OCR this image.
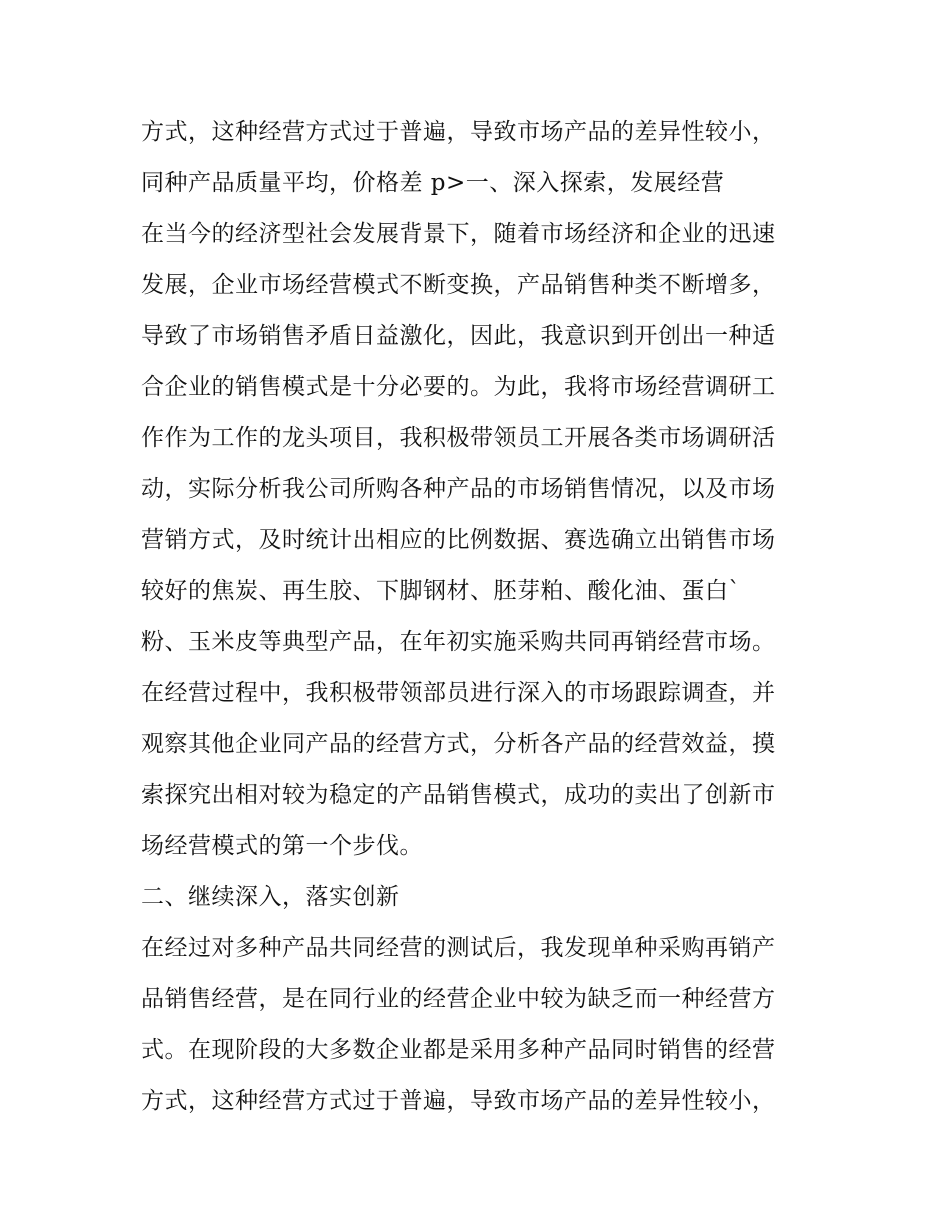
方式，这种经营方式过于普遍，导致市场产品的差异性较小，
同种产品质量平均，价格差 p>一、深入探索，发展经营
在当今的经济型社会发展背景下，随着市场经济和企业的迅速
发展，企业市场经营模式不断变换，产品销售种类不断增多，
导致了市场销售矛盾日益激化，因此，我意识到开创出一种适
合企业的销售模式是十分必要的。为此，我将市场经营调研工
作作为工作的龙头项目，我积极带领员工开展各类市场调研活
动，实际分析我公司所购各种产品的市场销售情况，以及市场
营销方式，及时统计出相应的比例数据、赛选确立出销售市场
较好的焦炭、再生胶、下脚钢材、胚芽粕、酸化油、蛋白`
粉、玉米皮等典型产品，在年初实施采购共同再销经营市场。
在经营过程中，我积极带领部员进行深入的市场跟踪调查，并
观察其他企业同产品的经营方式，分析各产品的经营效益，摸
索探究出相对较为稳定的产品销售模式，成功的卖出了创新市
场经营模式的第一个步伐。
二、继续深入，落实创新
在经过对多种产品共同经营的测试后，我发现单种采购再销产
品销售经营，是在同行业的经营企业中较为缺乏而一种经营方
式。在现阶段的大多数企业都是采用多种产品同时销售的经营
方式，这种经营方式过于普遍，导致市场产品的差异性较小，
